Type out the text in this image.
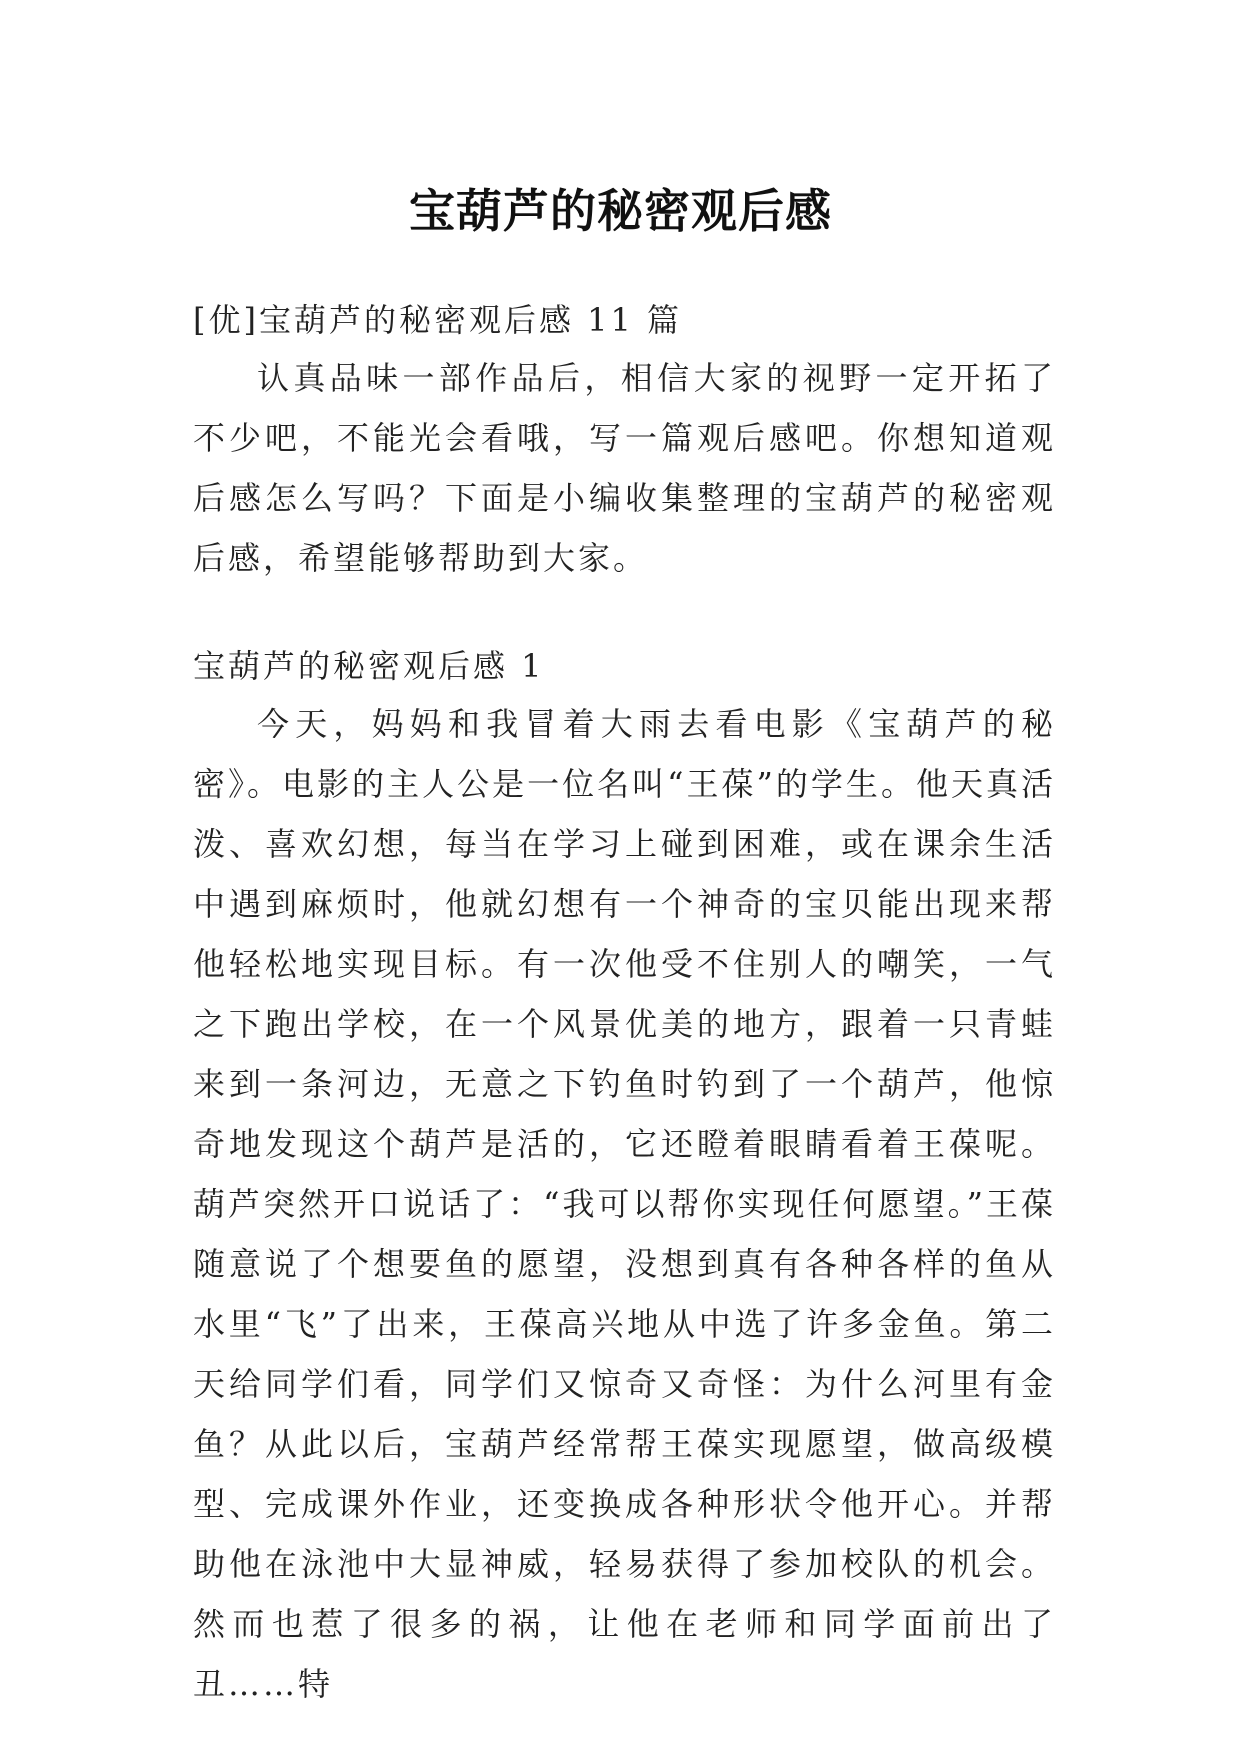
宝葫芦的秘密观后感

[优]宝葫芦的秘密观后感 11 篇

认真品味一部作品后，相信大家的视野一定开拓了不少吧，不能光会看哦，写一篇观后感吧。你想知道观后感怎么写吗？下面是小编收集整理的宝葫芦的秘密观后感，希望能够帮助到大家。

宝葫芦的秘密观后感 1

今天，妈妈和我冒着大雨去看电影《宝葫芦的秘密》。电影的主人公是一位名叫“王葆”的学生。他天真活泼、喜欢幻想，每当在学习上碰到困难，或在课余生活中遇到麻烦时，他就幻想有一个神奇的宝贝能出现来帮他轻松地实现目标。有一次他受不住别人的嘲笑，一气之下跑出学校，在一个风景优美的地方，跟着一只青蛙来到一条河边，无意之下钓鱼时钓到了一个葫芦，他惊奇地发现这个葫芦是活的，它还瞪着眼睛看着王葆呢。葫芦突然开口说话了：“我可以帮你实现任何愿望。”王葆随意说了个想要鱼的愿望，没想到真有各种各样的鱼从水里“飞”了出来，王葆高兴地从中选了许多金鱼。第二天给同学们看，同学们又惊奇又奇怪：为什么河里有金鱼？从此以后，宝葫芦经常帮王葆实现愿望，做高级模型、完成课外作业，还变换成各种形状令他开心。并帮助他在泳池中大显神威，轻易获得了参加校队的机会。然而也惹了很多的祸，让他在老师和同学面前出了丑……特
